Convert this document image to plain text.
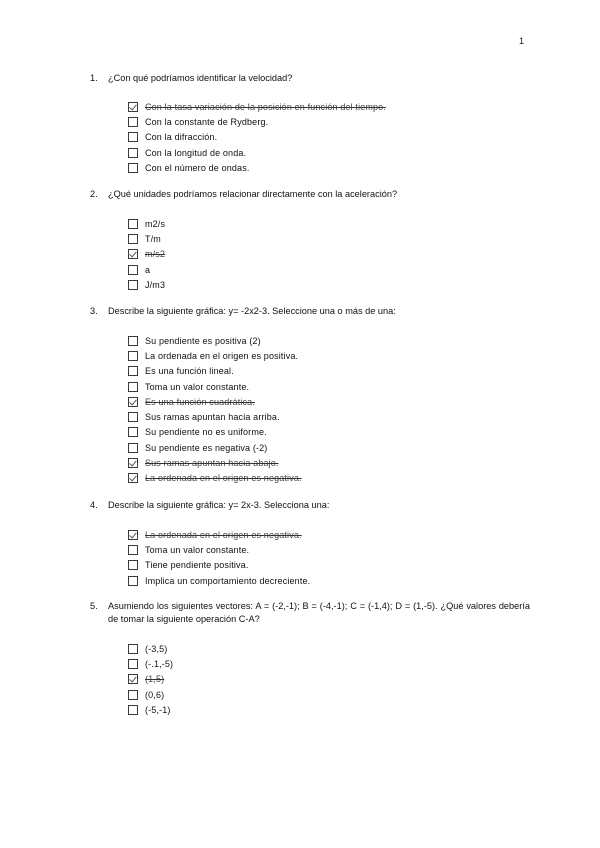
1
1.	¿Con qué podríamos identificar la velocidad?
Con la tasa variación de la posición en función del tiempo.
Con la constante de Rydberg.
Con la difracción.
Con la longitud de onda.
Con el número de ondas.
2.	¿Qué unidades podríamos relacionar directamente con la aceleración?
m2/s
T/m
m/s2
a
J/m3
3.	Describe la siguiente gráfica: y= -2x2-3. Seleccione una o más de una:
Su pendiente es positiva (2)
La ordenada en el origen es positiva.
Es una función lineal.
Toma un valor constante.
Es una función cuadrática.
Sus ramas apuntan hacia arriba.
Su pendiente no es uniforme.
Su pendiente es negativa (-2)
Sus ramas apuntan hacia abajo.
La ordenada en el origen es negativa.
4.	Describe la siguiente gráfica: y= 2x-3. Selecciona una:
La ordenada en el origen es negativa.
Toma un valor constante.
Tiene pendiente positiva.
Implica un comportamiento decreciente.
5.	Asumiendo los siguientes vectores: A = (-2,-1); B = (-4,-1); C = (-1,4); D = (1,-5). ¿Qué valores debería de tomar la siguiente operación C-A?
(-3,5)
(-.1,-5)
(1,5)
(0,6)
(-5,-1)
